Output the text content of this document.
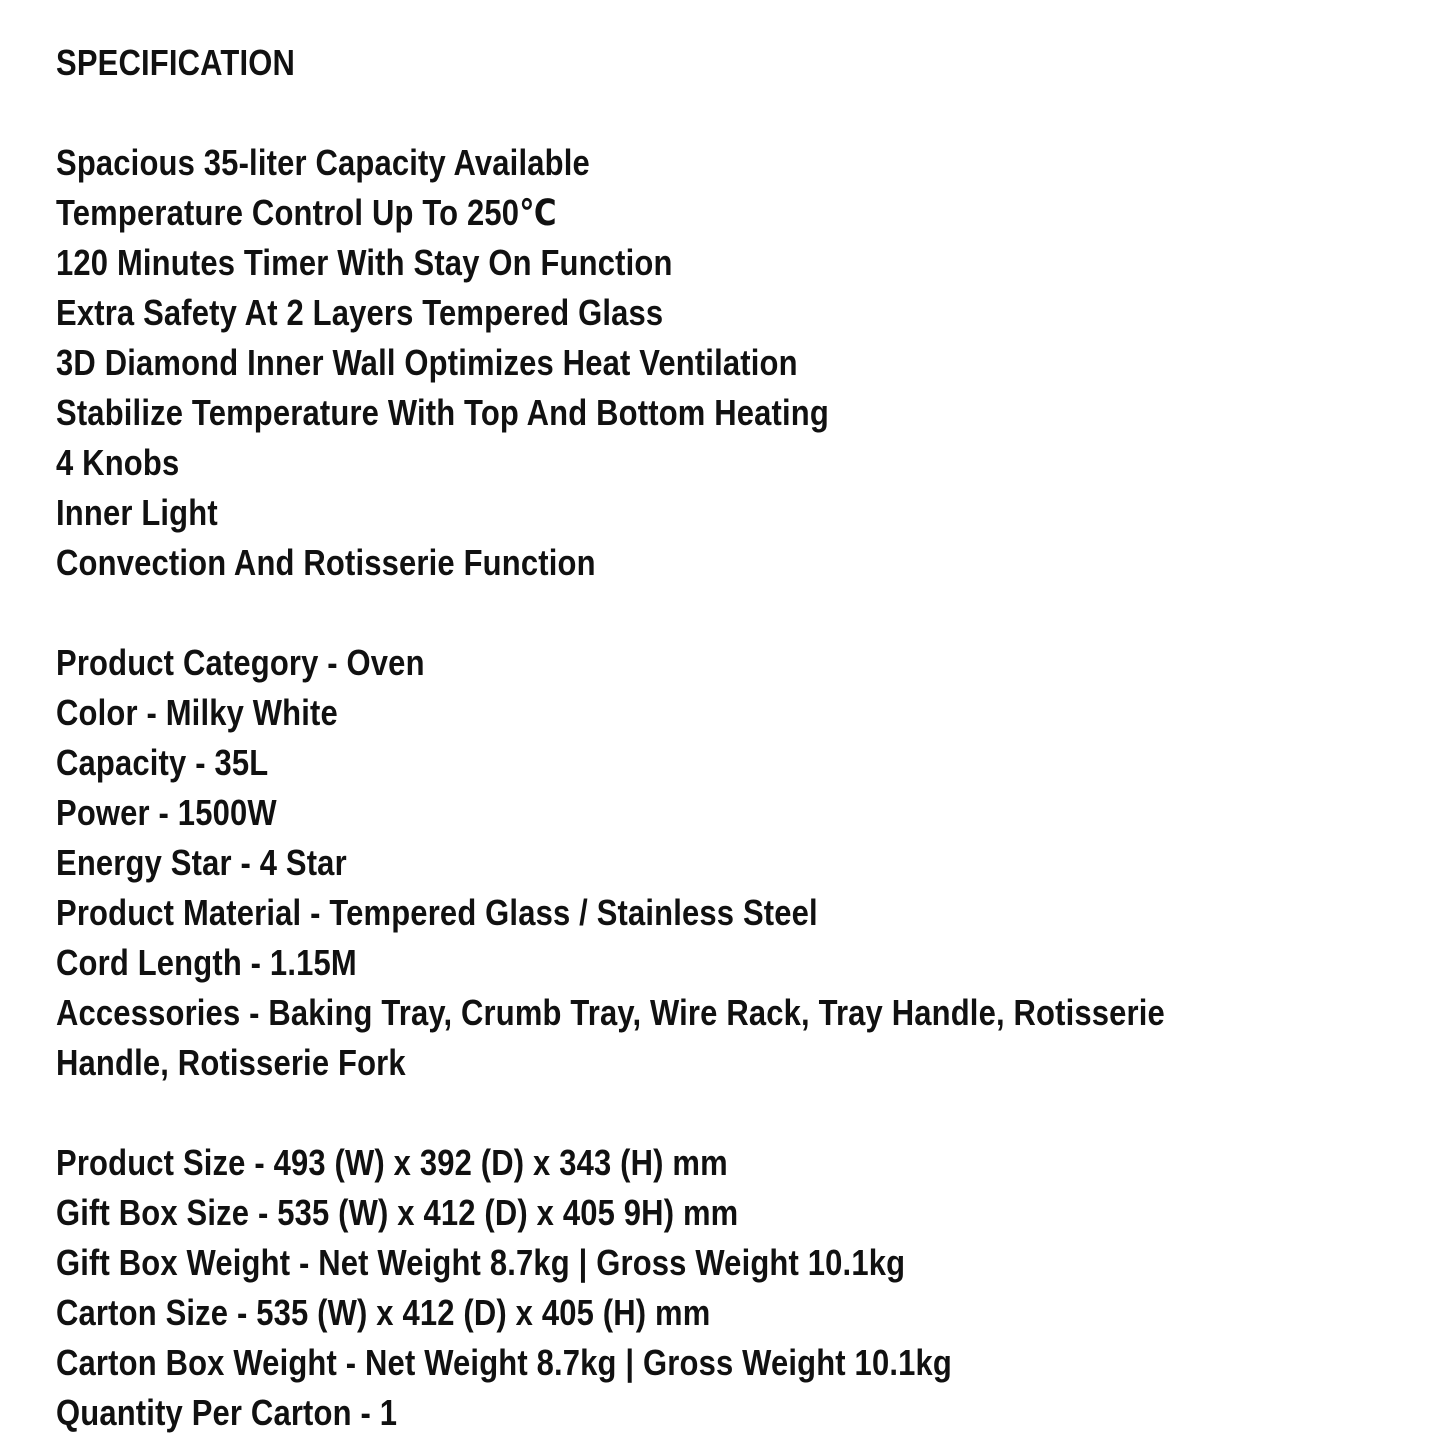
SPECIFICATION
Spacious 35-liter Capacity Available
Temperature Control Up To 250℃
120 Minutes Timer With Stay On Function
Extra Safety At 2 Layers Tempered Glass
3D Diamond Inner Wall Optimizes Heat Ventilation
Stabilize Temperature With Top And Bottom Heating
4 Knobs
Inner Light
Convection And Rotisserie Function
Product Category - Oven
Color - Milky White
Capacity - 35L
Power - 1500W
Energy Star - 4 Star
Product Material - Tempered Glass / Stainless Steel
Cord Length - 1.15M
Accessories - Baking Tray, Crumb Tray, Wire Rack, Tray Handle, Rotisserie Handle, Rotisserie Fork
Product Size - 493 (W) x 392 (D) x 343 (H) mm
Gift Box Size - 535 (W) x 412 (D) x 405 9H) mm
Gift Box Weight - Net Weight 8.7kg | Gross Weight 10.1kg
Carton Size - 535 (W) x 412 (D) x 405 (H) mm
Carton Box Weight - Net Weight 8.7kg | Gross Weight 10.1kg
Quantity Per Carton - 1
